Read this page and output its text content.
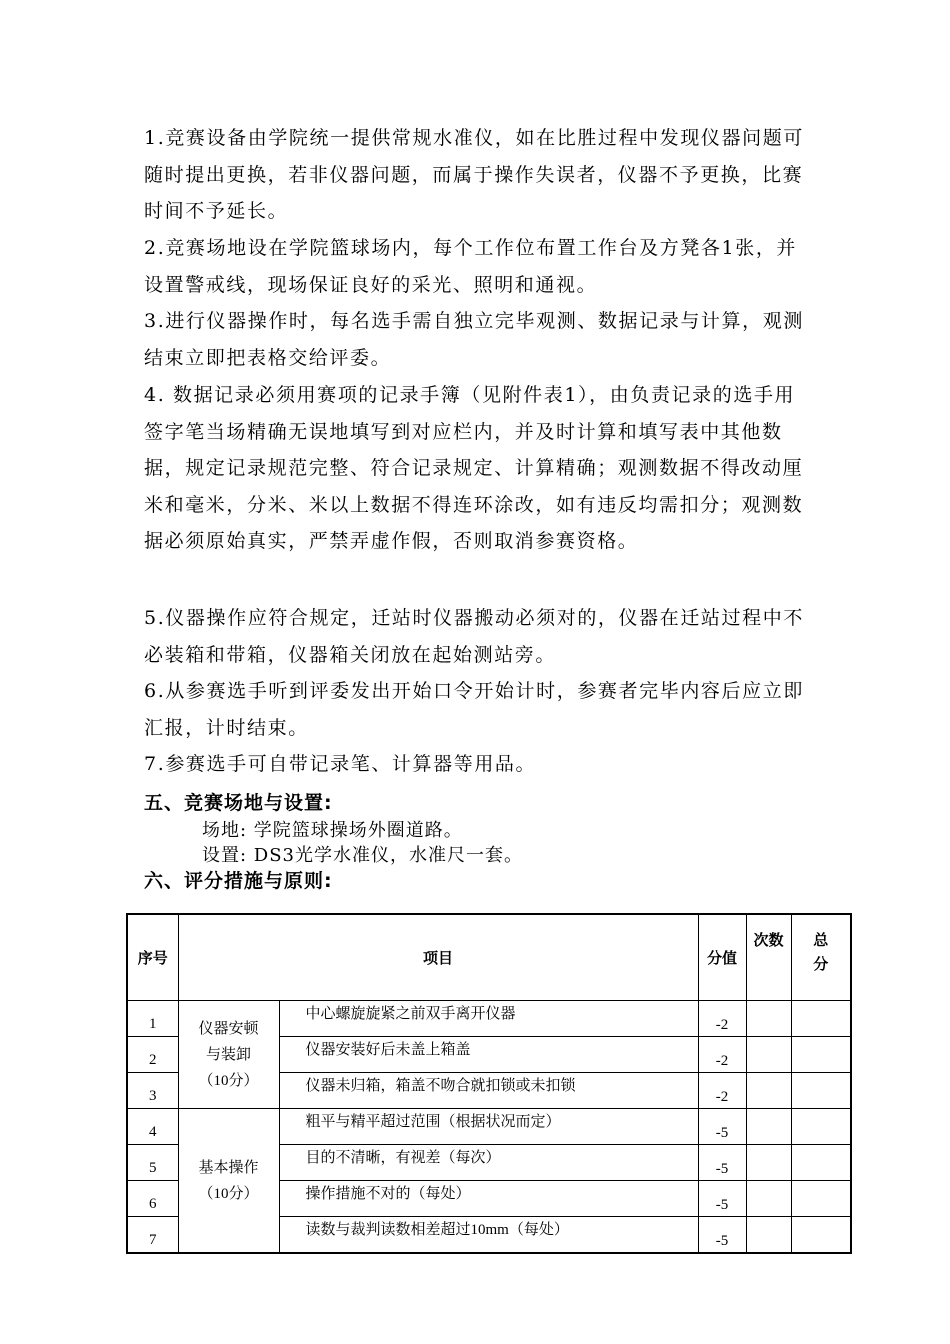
1.竞赛设备由学院统一提供常规水准仪，如在比胜过程中发现仪器问题可随时提出更换，若非仪器问题，而属于操作失误者，仪器不予更换，比赛时间不予延长。
2.竞赛场地设在学院篮球场内，每个工作位布置工作台及方凳各1张，并设置警戒线，现场保证良好的采光、照明和通视。
3.进行仪器操作时，每名选手需自独立完毕观测、数据记录与计算，观测结束立即把表格交给评委。
4. 数据记录必须用赛项的记录手簿（见附件表1），由负责记录的选手用签字笔当场精确无误地填写到对应栏内，并及时计算和填写表中其他数据，规定记录规范完整、符合记录规定、计算精确；观测数据不得改动厘米和毫米，分米、米以上数据不得连环涂改，如有违反均需扣分；观测数据必须原始真实，严禁弄虚作假，否则取消参赛资格。
5.仪器操作应符合规定，迁站时仪器搬动必须对的，仪器在迁站过程中不必装箱和带箱，仪器箱关闭放在起始测站旁。
6.从参赛选手听到评委发出开始口令开始计时，参赛者完毕内容后应立即汇报，计时结束。
7.参赛选手可自带记录笔、计算器等用品。
五、竞赛场地与设置:
场地: 学院篮球操场外圈道路。
设置: DS3光学水准仪，水准尺一套。
六、评分措施与原则:
序号	项目		分值	次数	总分
1	仪器安顿与装卸（10分）	中心螺旋旋紧之前双手离开仪器	-2		
2		仪器安装好后未盖上箱盖	-2		
3		仪器未归箱，箱盖不吻合就扣锁或未扣锁	-2		
4	基本操作（10分）	粗平与精平超过范围（根据状况而定）	-5		
5		目的不清晰，有视差（每次）	-5		
6		操作措施不对的（每处）	-5		
7		读数与裁判读数相差超过10mm（每处）	-5		
